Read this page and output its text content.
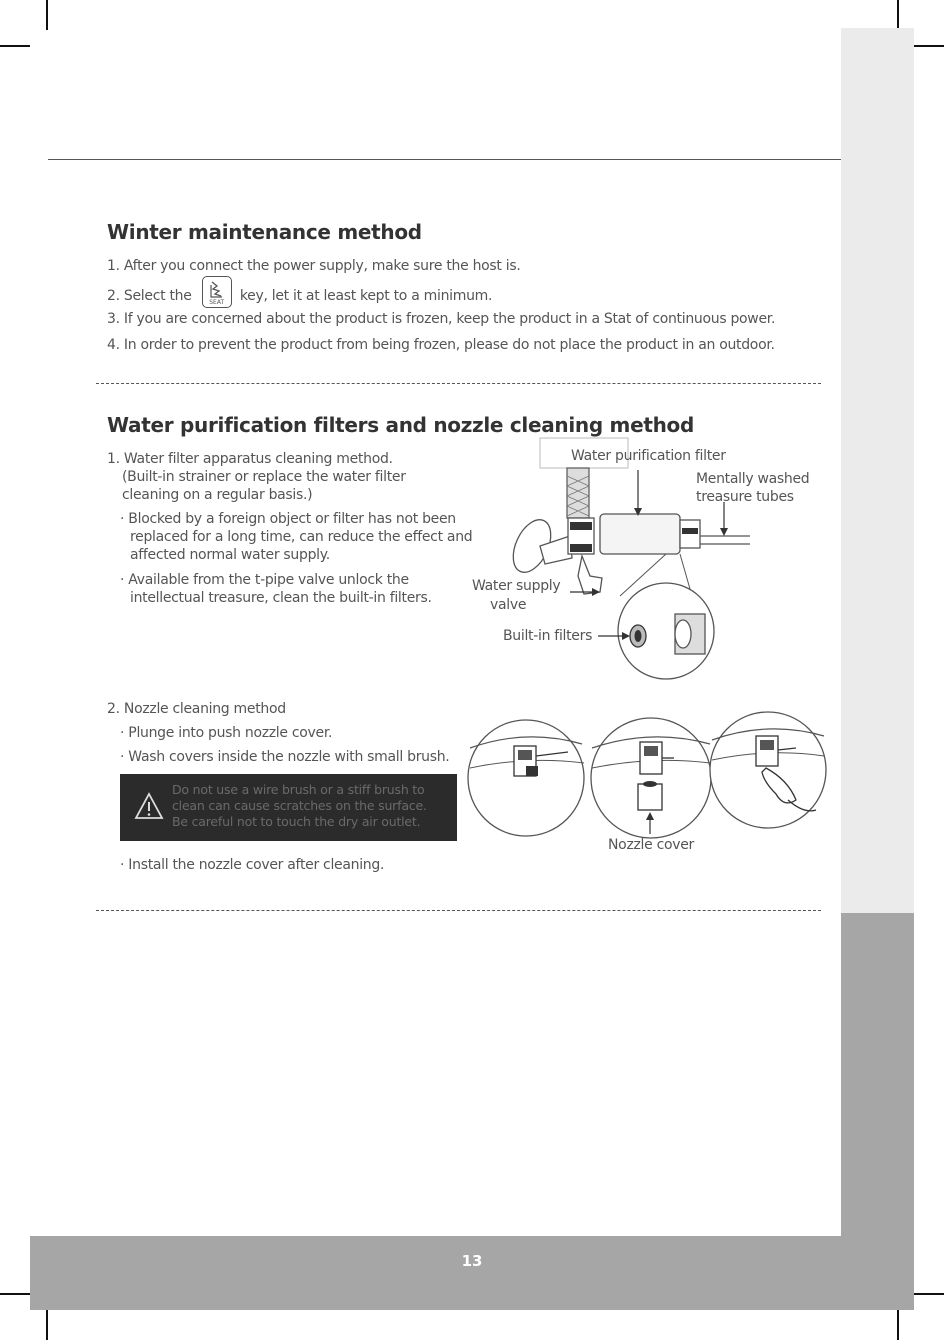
13
Winter maintenance method
1. After you connect the power supply, make sure the host is.
2. Select the	SEAT	key, let it at least kept to a minimum.
3. If you are concerned about the product is frozen, keep the product in a Stat of continuous power.
4. In order to prevent the product from being frozen, please do not place the product in an outdoor.
Water purification filters and nozzle cleaning method
1. Water filter apparatus cleaning method.
(Built-in strainer or replace the water filter
cleaning on a regular basis.)
· Blocked by a foreign object or filter has not been
replaced for a long time, can reduce the effect and
affected normal water supply.
· Available from the t-pipe valve unlock the
intellectual treasure, clean the built-in filters.
Water purification filter
Mentally washed
treasure tubes
Water supply
valve
Built-in filters
2. Nozzle cleaning method
· Plunge into push nozzle cover.
· Wash covers inside the nozzle with small brush.
Do not use a wire brush or a stiff brush to
clean can cause scratches on the surface.
Be careful not to touch the dry air outlet.
· Install the nozzle cover after cleaning.
Nozzle cover
